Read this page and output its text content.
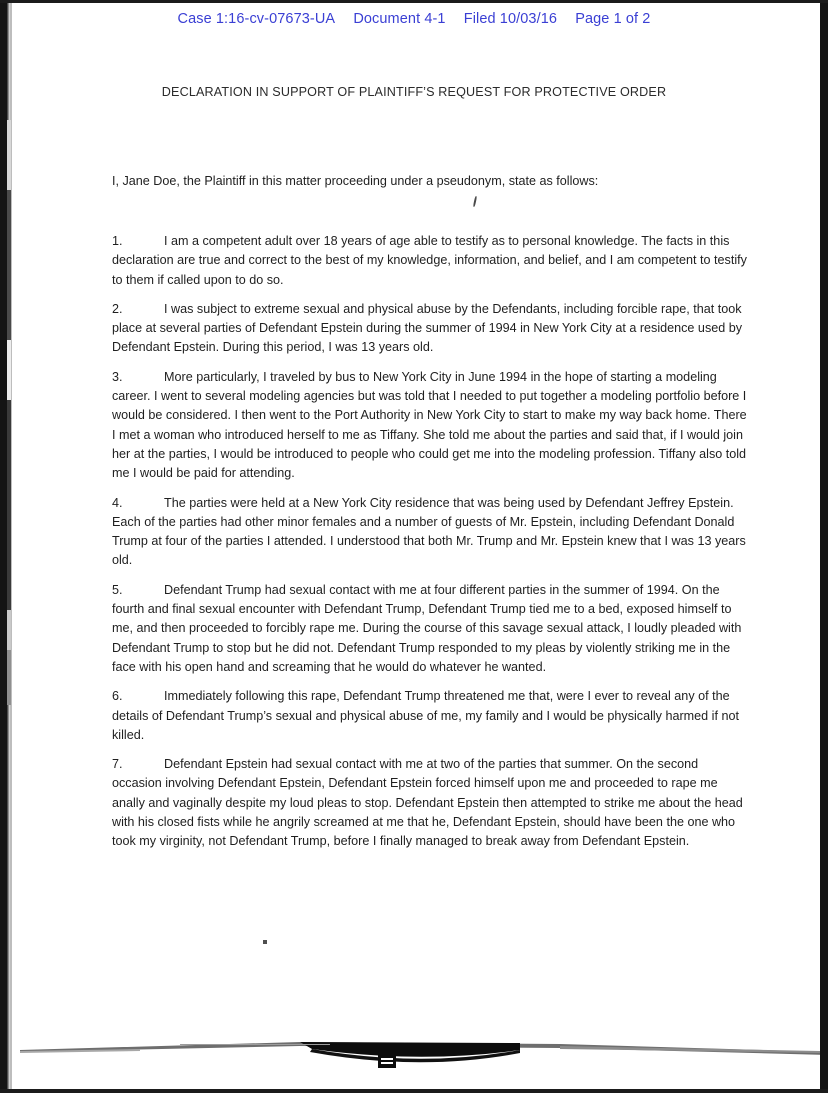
Case 1:16-cv-07673-UA Document 4-1 Filed 10/03/16 Page 1 of 2
DECLARATION IN SUPPORT OF PLAINTIFF’S REQUEST FOR PROTECTIVE ORDER
I, Jane Doe, the Plaintiff in this matter proceeding under a pseudonym, state as follows:
1.	I am a competent adult over 18 years of age able to testify as to personal knowledge. The facts in this declaration are true and correct to the best of my knowledge, information, and belief, and I am competent to testify to them if called upon to do so.
2.	I was subject to extreme sexual and physical abuse by the Defendants, including forcible rape, that took place at several parties of Defendant Epstein during the summer of 1994 in New York City at a residence used by Defendant Epstein. During this period, I was 13 years old.
3.	More particularly, I traveled by bus to New York City in June 1994 in the hope of starting a modeling career. I went to several modeling agencies but was told that I needed to put together a modeling portfolio before I would be considered. I then went to the Port Authority in New York City to start to make my way back home. There I met a woman who introduced herself to me as Tiffany. She told me about the parties and said that, if I would join her at the parties, I would be introduced to people who could get me into the modeling profession. Tiffany also told me I would be paid for attending.
4.	The parties were held at a New York City residence that was being used by Defendant Jeffrey Epstein. Each of the parties had other minor females and a number of guests of Mr. Epstein, including Defendant Donald Trump at four of the parties I attended. I understood that both Mr. Trump and Mr. Epstein knew that I was 13 years old.
5.	Defendant Trump had sexual contact with me at four different parties in the summer of 1994. On the fourth and final sexual encounter with Defendant Trump, Defendant Trump tied me to a bed, exposed himself to me, and then proceeded to forcibly rape me. During the course of this savage sexual attack, I loudly pleaded with Defendant Trump to stop but he did not. Defendant Trump responded to my pleas by violently striking me in the face with his open hand and screaming that he would do whatever he wanted.
6.	Immediately following this rape, Defendant Trump threatened me that, were I ever to reveal any of the details of Defendant Trump’s sexual and physical abuse of me, my family and I would be physically harmed if not killed.
7.	Defendant Epstein had sexual contact with me at two of the parties that summer. On the second occasion involving Defendant Epstein, Defendant Epstein forced himself upon me and proceeded to rape me anally and vaginally despite my loud pleas to stop. Defendant Epstein then attempted to strike me about the head with his closed fists while he angrily screamed at me that he, Defendant Epstein, should have been the one who took my virginity, not Defendant Trump, before I finally managed to break away from Defendant Epstein.
